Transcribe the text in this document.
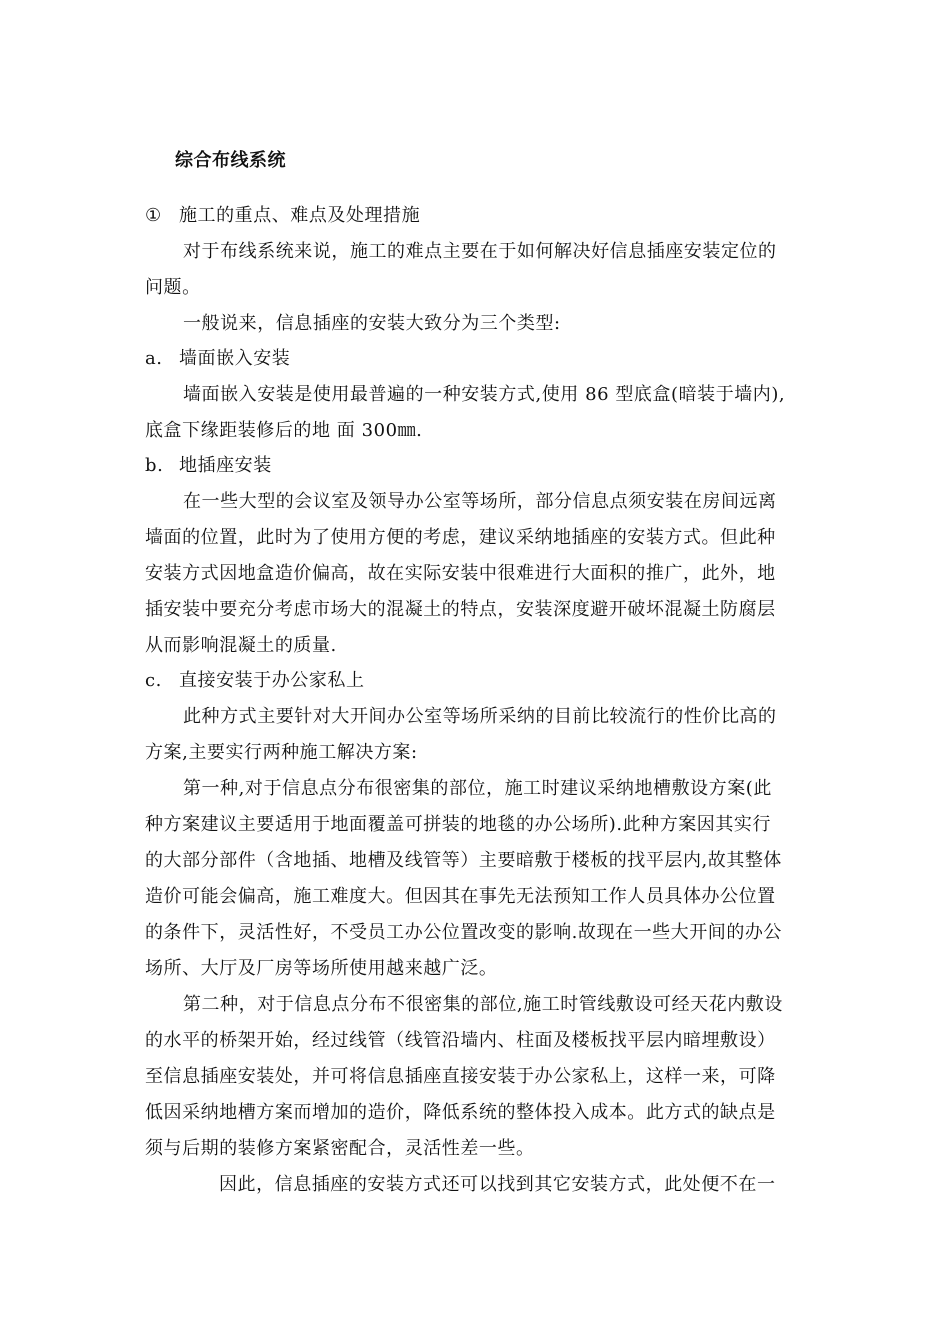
综合布线系统
① 施工的重点、难点及处理措施
对于布线系统来说，施工的难点主要在于如何解决好信息插座安装定位的
问题。
一般说来，信息插座的安装大致分为三个类型:
a. 墙面嵌入安装
墙面嵌入安装是使用最普遍的一种安装方式,使用 86 型底盒(暗装于墙内),
底盒下缘距装修后的地 面 300㎜.
b. 地插座安装
在一些大型的会议室及领导办公室等场所，部分信息点须安装在房间远离
墙面的位置，此时为了使用方便的考虑，建议采纳地插座的安装方式。但此种
安装方式因地盒造价偏高，故在实际安装中很难进行大面积的推广，此外，地
插安装中要充分考虑市场大的混凝土的特点，安装深度避开破坏混凝土防腐层
从而影响混凝土的质量.
c. 直接安装于办公家私上
此种方式主要针对大开间办公室等场所采纳的目前比较流行的性价比高的
方案,主要实行两种施工解决方案:
第一种,对于信息点分布很密集的部位，施工时建议采纳地槽敷设方案(此
种方案建议主要适用于地面覆盖可拼装的地毯的办公场所).此种方案因其实行
的大部分部件（含地插、地槽及线管等）主要暗敷于楼板的找平层内,故其整体
造价可能会偏高，施工难度大。但因其在事先无法预知工作人员具体办公位置
的条件下，灵活性好，不受员工办公位置改变的影响.故现在一些大开间的办公
场所、大厅及厂房等场所使用越来越广泛。
第二种，对于信息点分布不很密集的部位,施工时管线敷设可经天花内敷设
的水平的桥架开始，经过线管（线管沿墙内、柱面及楼板找平层内暗埋敷设）
至信息插座安装处，并可将信息插座直接安装于办公家私上，这样一来，可降
低因采纳地槽方案而增加的造价，降低系统的整体投入成本。此方式的缺点是
须与后期的装修方案紧密配合，灵活性差一些。
因此，信息插座的安装方式还可以找到其它安装方式，此处便不在一
